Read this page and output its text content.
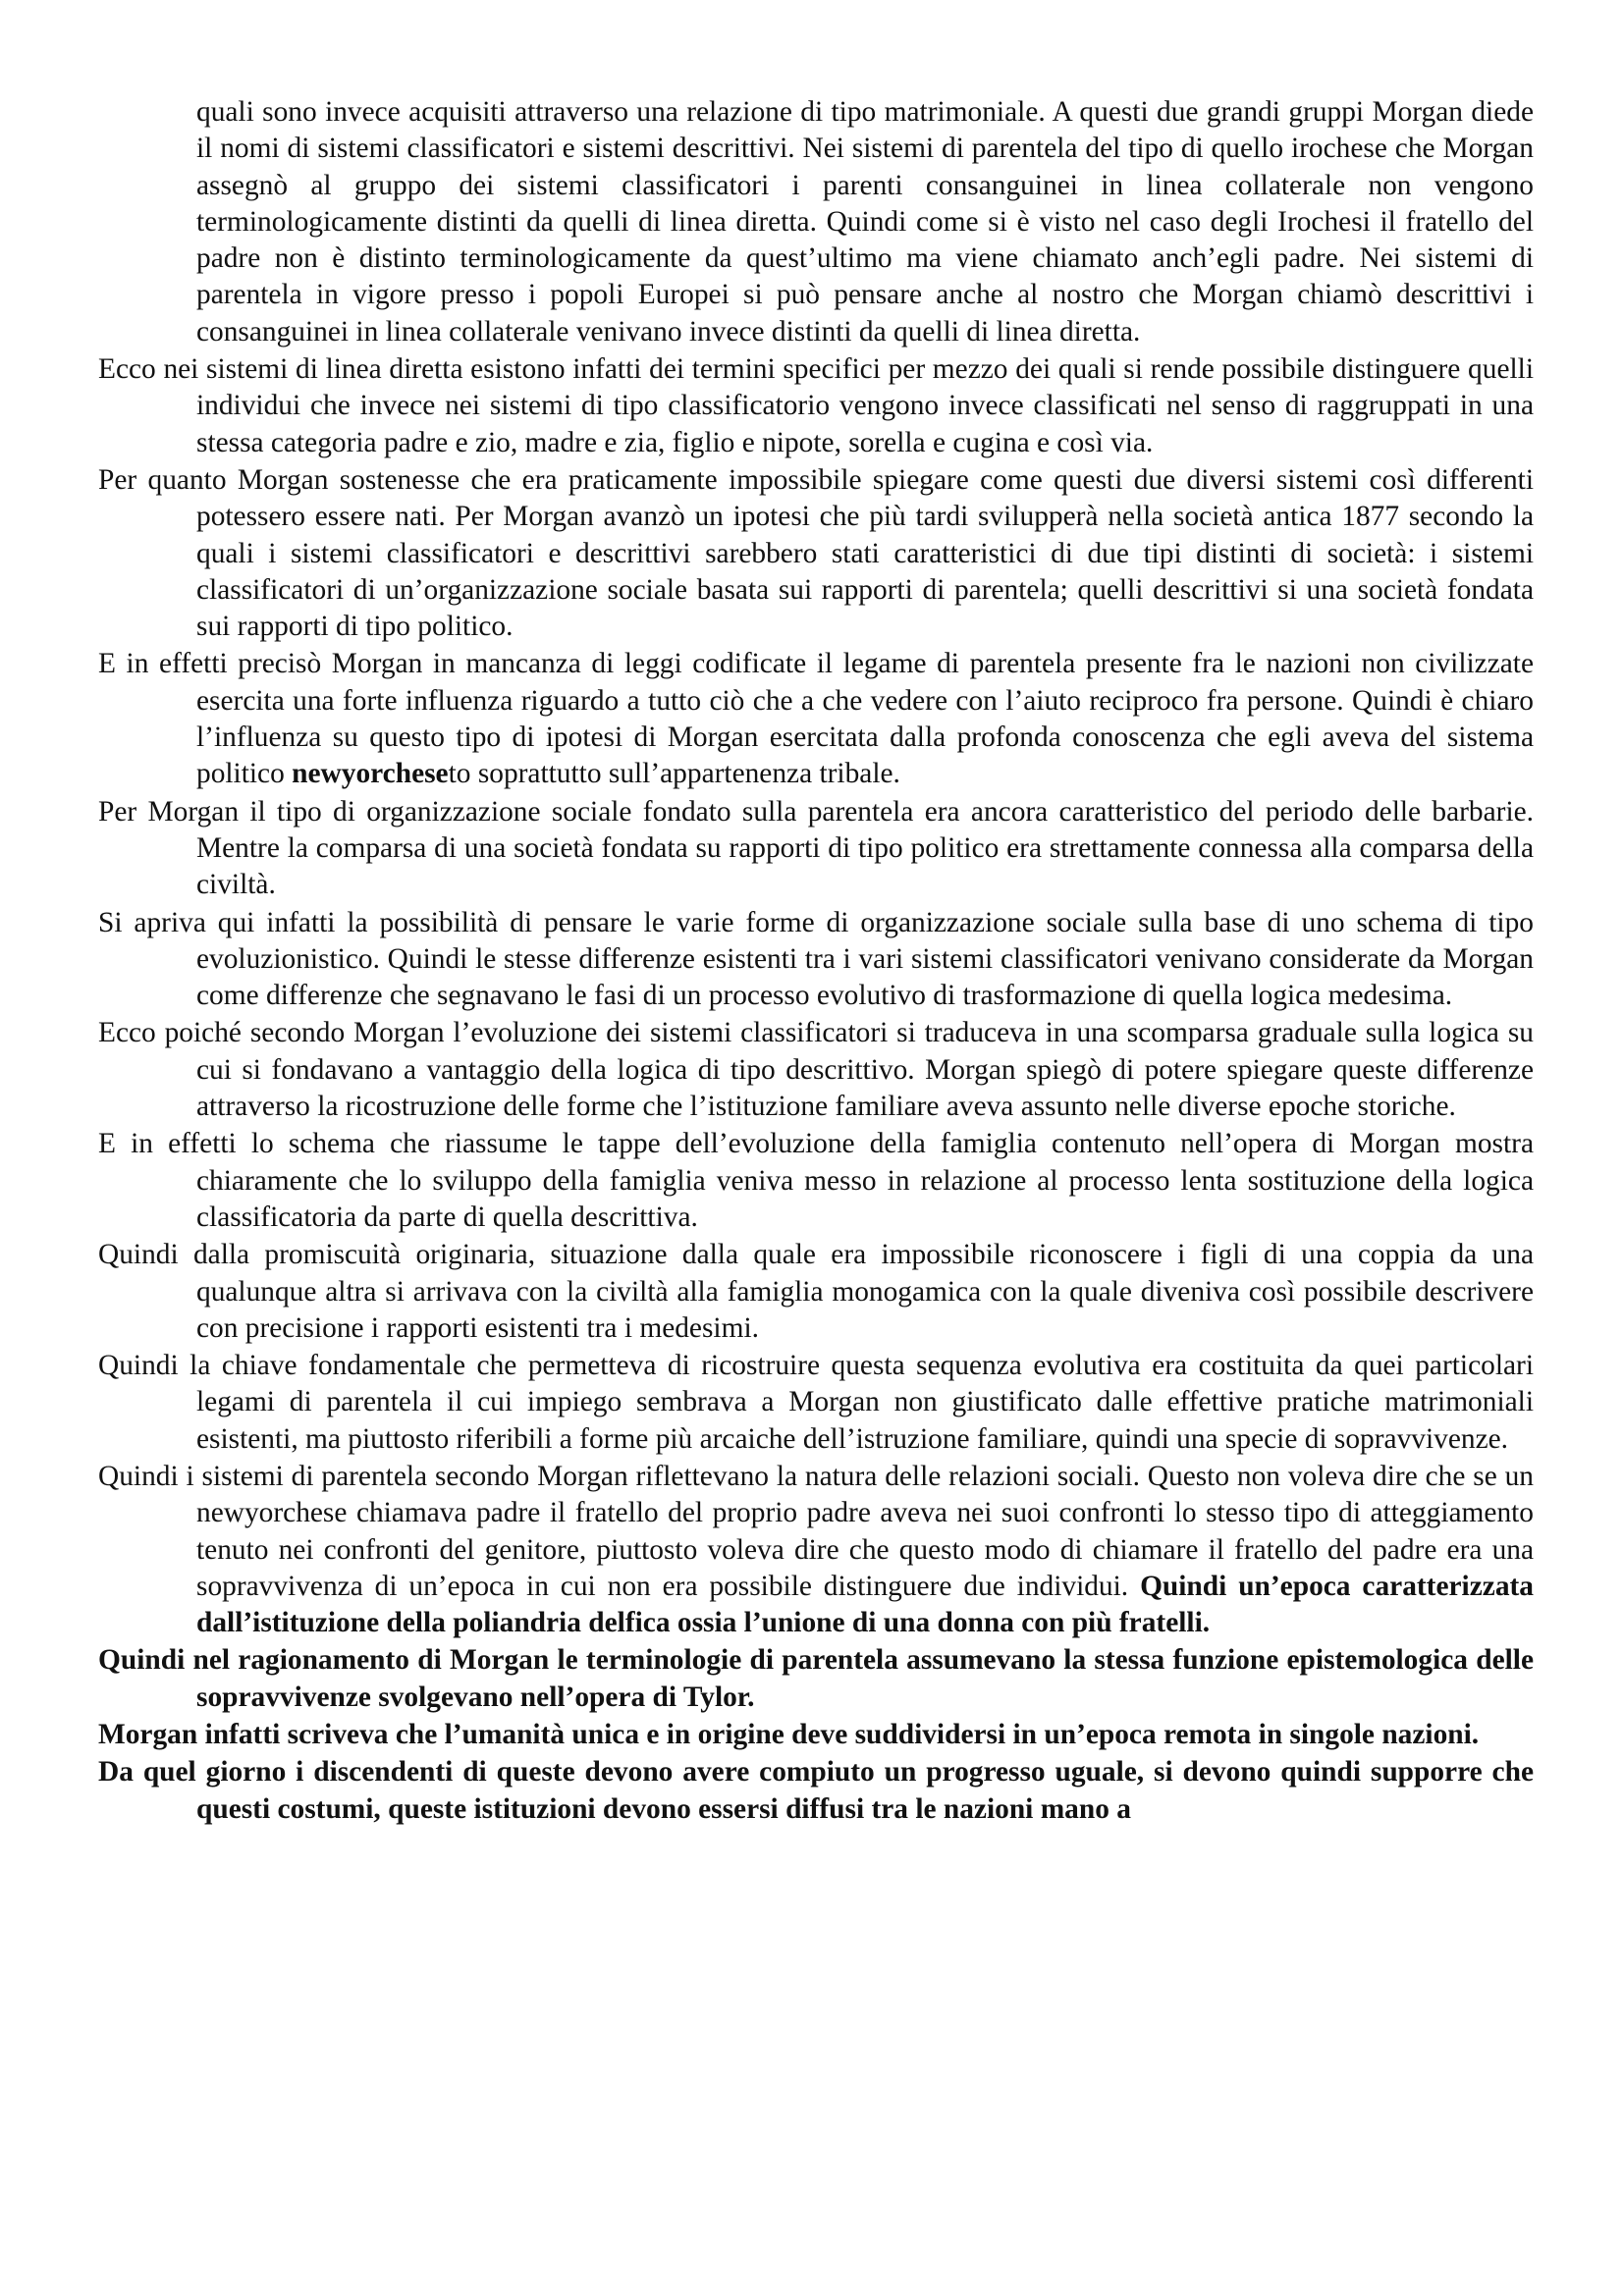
quali sono invece acquisiti attraverso una relazione di tipo matrimoniale. A questi due grandi gruppi Morgan diede il nomi di sistemi classificatori e sistemi descrittivi. Nei sistemi di parentela del tipo di quello irochese che Morgan assegnò al gruppo dei sistemi classificatori i parenti consanguinei in linea collaterale non vengono terminologicamente distinti da quelli di linea diretta. Quindi come si è visto nel caso degli Irochesi il fratello del padre non è distinto terminologicamente da quest’ultimo ma viene chiamato anch’egli padre. Nei sistemi di parentela in vigore presso i popoli Europei si può pensare anche al nostro che Morgan chiamò descrittivi i consanguinei in linea collaterale venivano invece distinti da quelli di linea diretta.

Ecco nei sistemi di linea diretta esistono infatti dei termini specifici per mezzo dei quali si rende possibile distinguere quelli individui che invece nei sistemi di tipo classificatorio vengono invece classificati nel senso di raggruppati in una stessa categoria padre e zio, madre e zia, figlio e nipote, sorella e cugina e così via.

Per quanto Morgan sostenesse che era praticamente impossibile spiegare come questi due diversi sistemi così differenti potessero essere nati. Per Morgan avanzò un ipotesi che più tardi svilupperà nella società antica 1877 secondo la quali i sistemi classificatori e descrittivi sarebbero stati caratteristici di due tipi distinti di società: i sistemi classificatori di un’organizzazione sociale basata sui rapporti di parentela; quelli descrittivi si una società fondata sui rapporti di tipo politico.

E in effetti precisò Morgan in mancanza di leggi codificate il legame di parentela presente fra le nazioni non civilizzate esercita una forte influenza riguardo a tutto ciò che a che vedere con l’aiuto reciproco fra persone. Quindi è chiaro l’influenza su questo tipo di ipotesi di Morgan esercitata dalla profonda conoscenza che egli aveva del sistema politico newyorcheseto soprattutto sull’appartenenza tribale.

Per Morgan il tipo di organizzazione sociale fondato sulla parentela era ancora caratteristico del periodo delle barbarie. Mentre la comparsa di una società fondata su rapporti di tipo politico era strettamente connessa alla comparsa della civiltà.

Si apriva qui infatti la possibilità di pensare le varie forme di organizzazione sociale sulla base di uno schema di tipo evoluzionistico. Quindi le stesse differenze esistenti tra i vari sistemi classificatori venivano considerate da Morgan come differenze che segnavano le fasi di un processo evolutivo di trasformazione di quella logica medesima.

Ecco poiché secondo Morgan l’evoluzione dei sistemi classificatori si traduceva in una scomparsa graduale sulla logica su cui si fondavano a vantaggio della logica di tipo descrittivo. Morgan spiegò di potere spiegare queste differenze attraverso la ricostruzione delle forme che l’istituzione familiare aveva assunto nelle diverse epoche storiche.

E in effetti lo schema che riassume le tappe dell’evoluzione della famiglia contenuto nell’opera di Morgan mostra chiaramente che lo sviluppo della famiglia veniva messo in relazione al processo lenta sostituzione della logica classificatoria da parte di quella descrittiva.

Quindi dalla promiscuità originaria, situazione dalla quale era impossibile riconoscere i figli di una coppia da una qualunque altra si arrivava con la civiltà alla famiglia monogamica con la quale diveniva così possibile descrivere con precisione i rapporti esistenti tra i medesimi.

Quindi la chiave fondamentale che permetteva di ricostruire questa sequenza evolutiva era costituita da quei particolari legami di parentela il cui impiego sembrava a Morgan non giustificato dalle effettive pratiche matrimoniali esistenti, ma piuttosto riferibili a forme più arcaiche dell’istruzione familiare, quindi una specie di sopravvivenze.

Quindi i sistemi di parentela secondo Morgan riflettevano la natura delle relazioni sociali. Questo non voleva dire che se un newyorchese chiamava padre il fratello del proprio padre aveva nei suoi confronti lo stesso tipo di atteggiamento tenuto nei confronti del genitore, piuttosto voleva dire che questo modo di chiamare il fratello del padre era una sopravvivenza di un’epoca in cui non era possibile distinguere due individui. Quindi un’epoca caratterizzata dall’istituzione della poliandria delfica ossia l’unione di una donna con più fratelli.

Quindi nel ragionamento di Morgan le terminologie di parentela assumevano la stessa funzione epistemologica delle sopravvivenze svolgevano nell’opera di Tylor.

Morgan infatti scriveva che l’umanità unica e in origine deve suddividersi in un’epoca remota in singole nazioni.

Da quel giorno i discendenti di queste devono avere compiuto un progresso uguale, si devono quindi supporre che questi costumi, queste istituzioni devono essersi diffusi tra le nazioni mano a
